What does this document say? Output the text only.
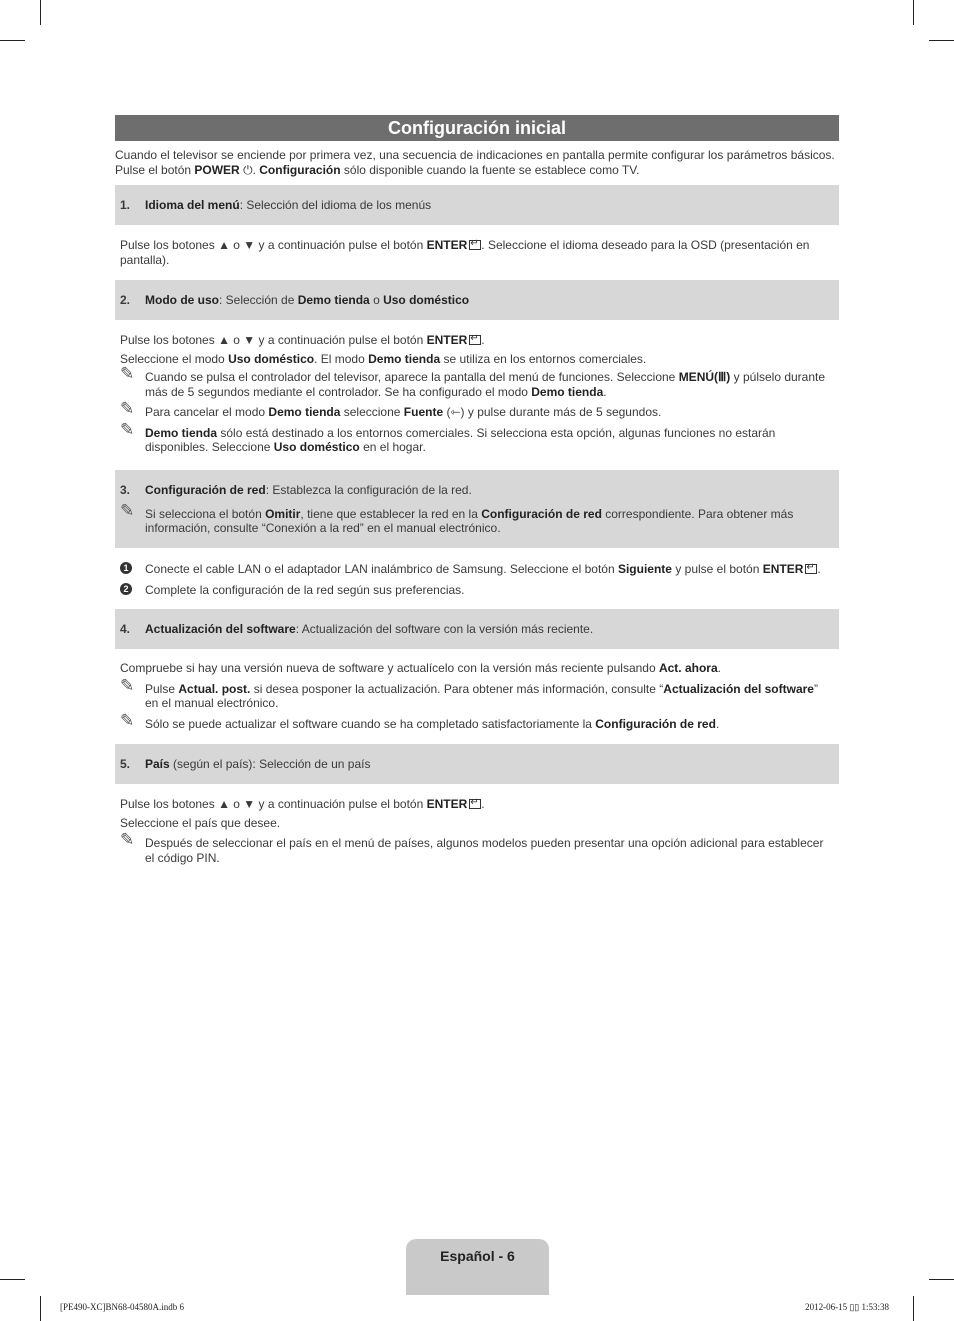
Configuración inicial
Cuando el televisor se enciende por primera vez, una secuencia de indicaciones en pantalla permite configurar los parámetros básicos.
Pulse el botón POWER ⏻. Configuración sólo disponible cuando la fuente se establece como TV.
1. Idioma del menú: Selección del idioma de los menús

Pulse los botones ▲ o ▼ y a continuación pulse el botón ENTER ↵ . Seleccione el idioma deseado para la OSD (presentación en pantalla).

2. Modo de uso: Selección de Demo tienda o Uso doméstico

Pulse los botones ▲ o ▼ y a continuación pulse el botón ENTER ↵ .

Seleccione el modo Uso doméstico. El modo Demo tienda se utiliza en los entornos comerciales.

✎ Cuando se pulsa el controlador del televisor, aparece la pantalla del menú de funciones. Seleccione MENÚ(Ⅲ) y púlselo durante más de 5 segundos mediante el controlador. Se ha configurado el modo Demo tienda.
✎ Para cancelar el modo Demo tienda seleccione Fuente (⇽) y pulse durante más de 5 segundos.
✎ Demo tienda sólo está destinado a los entornos comerciales. Si selecciona esta opción, algunas funciones no estarán disponibles. Seleccione Uso doméstico en el hogar.
3. Configuración de red: Establezca la configuración de la red.
✎ Si selecciona el botón Omitir, tiene que establecer la red en la Configuración de red correspondiente. Para obtener más información, consulte “Conexión a la red” en el manual electrónico.
1 Conecte el cable LAN o el adaptador LAN inalámbrico de Samsung. Seleccione el botón Siguiente y pulse el botón ENTER↵ .
2 Complete la configuración de la red según sus preferencias.
4. Actualización del software: Actualización del software con la versión más reciente.

Compruebe si hay una versión nueva de software y actualícelo con la versión más reciente pulsando Act. ahora.

✎ Pulse Actual. post. si desea posponer la actualización. Para obtener más información, consulte “Actualización del software” en el manual electrónico.
✎ Sólo se puede actualizar el software cuando se ha completado satisfactoriamente la Configuración de red.
5. País (según el país): Selección de un país

Pulse los botones ▲ o ▼ y a continuación pulse el botón ENTER ↵ .

Seleccione el país que desee.

✎ Después de seleccionar el país en el menú de países, algunos modelos pueden presentar una opción adicional para establecer el código PIN.
Español - 6
[PE490-XC]BN68-04580A.indb 6	2012-06-15 ▯▯ 1:53:38
